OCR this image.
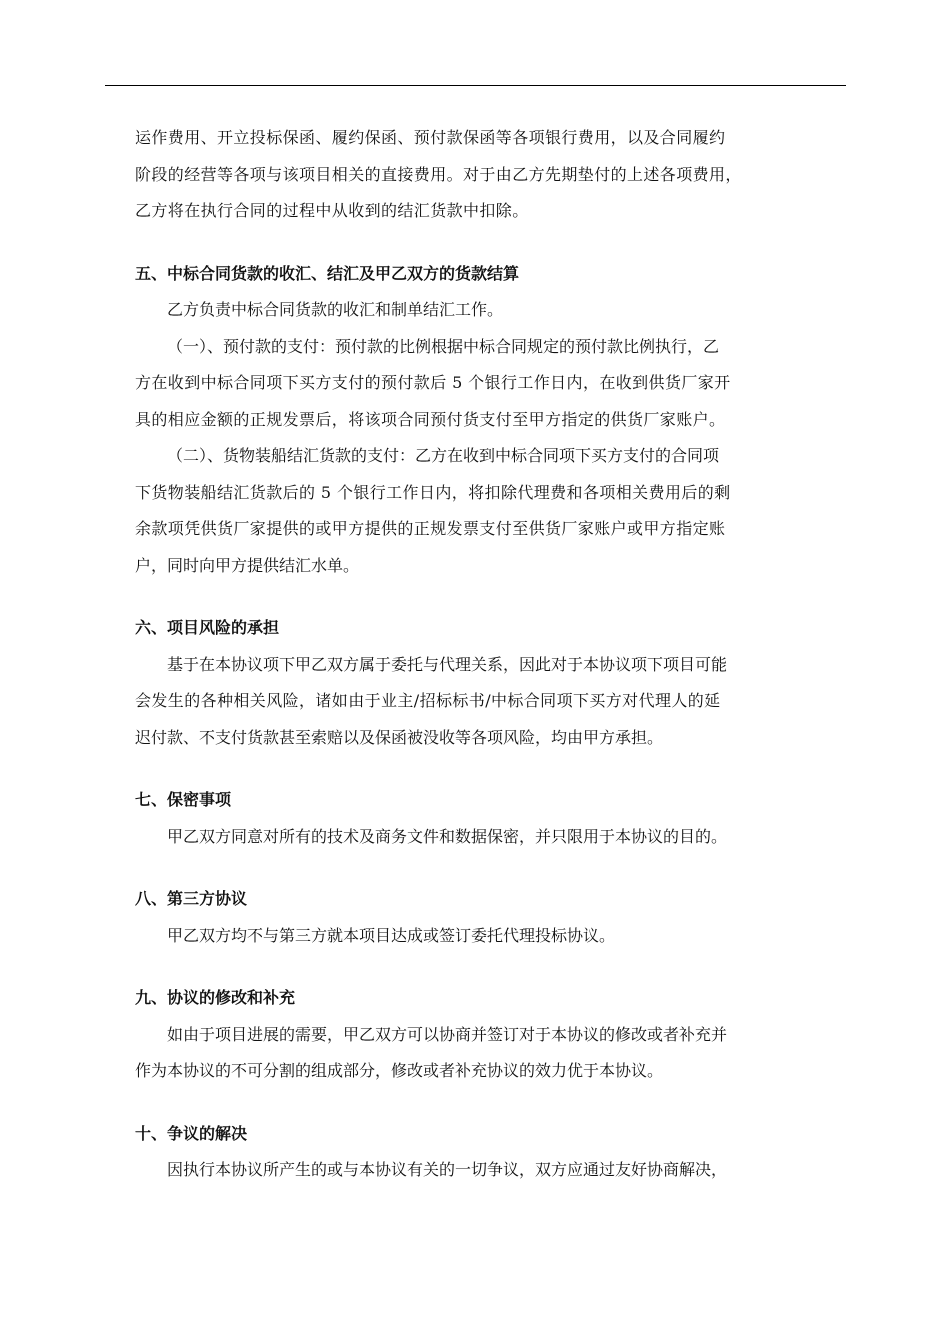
运作费用、开立投标保函、履约保函、预付款保函等各项银行费用，以及合同履约
阶段的经营等各项与该项目相关的直接费用。对于由乙方先期垫付的上述各项费用，
乙方将在执行合同的过程中从收到的结汇货款中扣除。
五、中标合同货款的收汇、结汇及甲乙双方的货款结算
乙方负责中标合同货款的收汇和制单结汇工作。
（一）、预付款的支付：预付款的比例根据中标合同规定的预付款比例执行，乙
方在收到中标合同项下买方支付的预付款后 5 个银行工作日内，在收到供货厂家开
具的相应金额的正规发票后，将该项合同预付货支付至甲方指定的供货厂家账户。
（二）、货物装船结汇货款的支付：乙方在收到中标合同项下买方支付的合同项
下货物装船结汇货款后的 5 个银行工作日内，将扣除代理费和各项相关费用后的剩
余款项凭供货厂家提供的或甲方提供的正规发票支付至供货厂家账户或甲方指定账
户，同时向甲方提供结汇水单。
六、项目风险的承担
基于在本协议项下甲乙双方属于委托与代理关系，因此对于本协议项下项目可能
会发生的各种相关风险，诸如由于业主/招标标书/中标合同项下买方对代理人的延
迟付款、不支付货款甚至索赔以及保函被没收等各项风险，均由甲方承担。
七、保密事项
甲乙双方同意对所有的技术及商务文件和数据保密，并只限用于本协议的目的。
八、第三方协议
甲乙双方均不与第三方就本项目达成或签订委托代理投标协议。
九、协议的修改和补充
如由于项目进展的需要，甲乙双方可以协商并签订对于本协议的修改或者补充并
作为本协议的不可分割的组成部分，修改或者补充协议的效力优于本协议。
十、争议的解决
因执行本协议所产生的或与本协议有关的一切争议，双方应通过友好协商解决，
